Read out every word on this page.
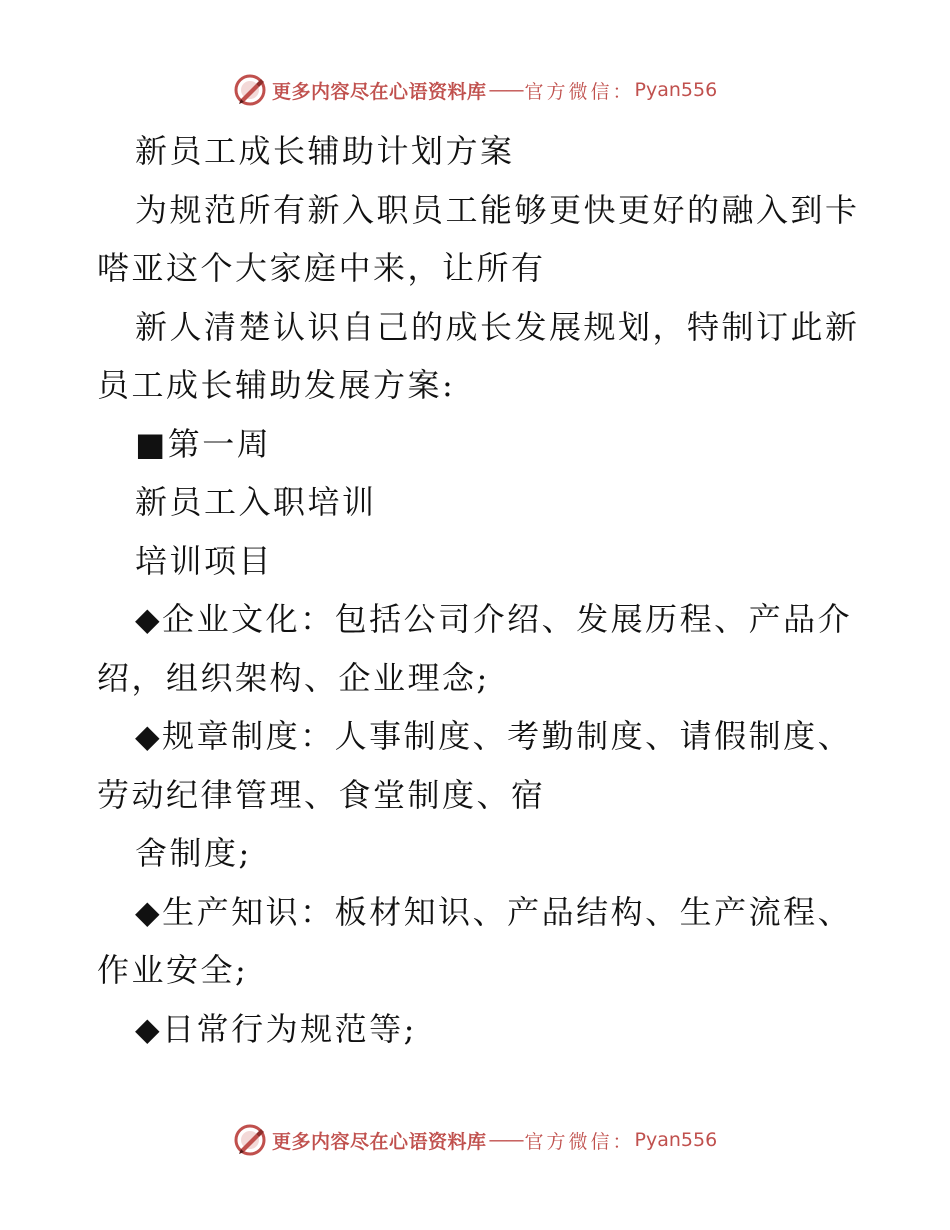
更多内容尽在心语资料库 —— 官方微信： Pyan556
新员工成长辅助计划方案
为规范所有新入职员工能够更快更好的融入到卡
嗒亚这个大家庭中来，让所有
新人清楚认识自己的成长发展规划，特制订此新
员工成长辅助发展方案:
■第一周
新员工入职培训
培训项目
◆企业文化：包括公司介绍、发展历程、产品介
绍，组织架构、企业理念;
◆规章制度：人事制度、考勤制度、请假制度、
劳动纪律管理、食堂制度、宿
舍制度;
◆生产知识：板材知识、产品结构、生产流程、
作业安全;
◆日常行为规范等;
更多内容尽在心语资料库 —— 官方微信： Pyan556
